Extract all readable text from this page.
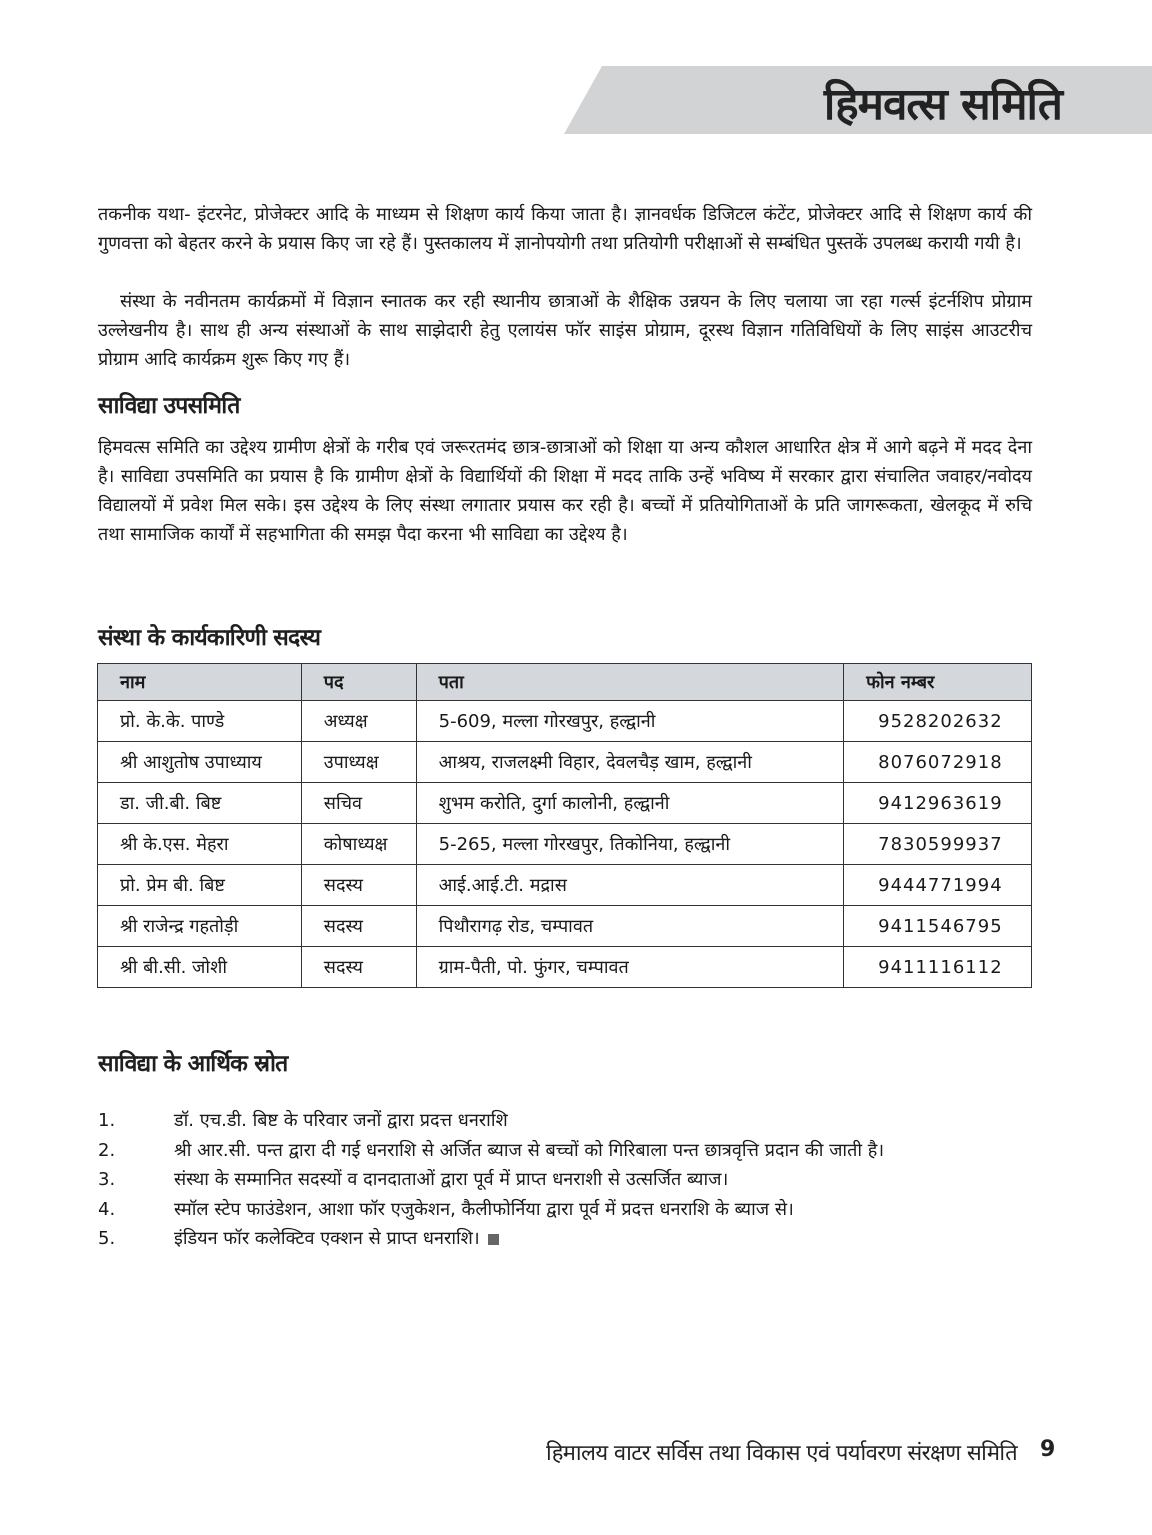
हिमवत्स समिति

तकनीक यथा- इंटरनेट, प्रोजेक्टर आदि के माध्यम से शिक्षण कार्य किया जाता है। ज्ञानवर्धक डिजिटल कंटेंट, प्रोजेक्टर आदि से शिक्षण कार्य की गुणवत्ता को बेहतर करने के प्रयास किए जा रहे हैं। पुस्तकालय में ज्ञानोपयोगी तथा प्रतियोगी परीक्षाओं से सम्बंधित पुस्तकें उपलब्ध करायी गयी है।

संस्था के नवीनतम कार्यक्रमों में विज्ञान स्नातक कर रही स्थानीय छात्राओं के शैक्षिक उन्नयन के लिए चलाया जा रहा गर्ल्स इंटर्नशिप प्रोग्राम उल्लेखनीय है। साथ ही अन्य संस्थाओं के साथ साझेदारी हेतु एलायंस फॉर साइंस प्रोग्राम, दूरस्थ विज्ञान गतिविधियों के लिए साइंस आउटरीच प्रोग्राम आदि कार्यक्रम शुरू किए गए हैं।

साविद्या उपसमिति

हिमवत्स समिति का उद्देश्य ग्रामीण क्षेत्रों के गरीब एवं जरूरतमंद छात्र-छात्राओं को शिक्षा या अन्य कौशल आधारित क्षेत्र में आगे बढ़ने में मदद देना है। साविद्या उपसमिति का प्रयास है कि ग्रामीण क्षेत्रों के विद्यार्थियों की शिक्षा में मदद ताकि उन्हें भविष्य में सरकार द्वारा संचालित जवाहर/नवोदय विद्यालयों में प्रवेश मिल सके। इस उद्देश्य के लिए संस्था लगातार प्रयास कर रही है। बच्चों में प्रतियोगिताओं के प्रति जागरूकता, खेलकूद में रुचि तथा सामाजिक कार्यों में सहभागिता की समझ पैदा करना भी साविद्या का उद्देश्य है।

संस्था के कार्यकारिणी सदस्य
नाम	पद	पता	फोन नम्बर
प्रो. के.के. पाण्डे	अध्यक्ष	5-609, मल्ला गोरखपुर, हल्द्वानी	9528202632
श्री आशुतोष उपाध्याय	उपाध्यक्ष	आश्रय, राजलक्ष्मी विहार, देवलचैड़ खाम, हल्द्वानी	8076072918
डा. जी.बी. बिष्ट	सचिव	शुभम करोति, दुर्गा कालोनी, हल्द्वानी	9412963619
श्री के.एस. मेहरा	कोषाध्यक्ष	5-265, मल्ला गोरखपुर, तिकोनिया, हल्द्वानी	7830599937
प्रो. प्रेम बी. बिष्ट	सदस्य	आई.आई.टी. मद्रास	9444771994
श्री राजेन्द्र गहतोड़ी	सदस्य	पिथौरागढ़ रोड, चम्पावत	9411546795
श्री बी.सी. जोशी	सदस्य	ग्राम-पैती, पो. फुंगर, चम्पावत	9411116112
साविद्या के आर्थिक स्रोत
1.	डॉ. एच.डी. बिष्ट के परिवार जनों द्वारा प्रदत्त धनराशि
2.	श्री आर.सी. पन्त द्वारा दी गई धनराशि से अर्जित ब्याज से बच्चों को गिरिबाला पन्त छात्रवृत्ति प्रदान की जाती है।
3.	संस्था के सम्मानित सदस्यों व दानदाताओं द्वारा पूर्व में प्राप्त धनराशी से उत्सर्जित ब्याज।
4.	स्मॉल स्टेप फाउंडेशन, आशा फॉर एजुकेशन, कैलीफोर्निया द्वारा पूर्व में प्रदत्त धनराशि के ब्याज से।
5.	इंडियन फॉर कलेक्टिव एक्शन से प्राप्त धनराशि।
हिमालय वाटर सर्विस तथा विकास एवं पर्यावरण संरक्षण समिति 9
